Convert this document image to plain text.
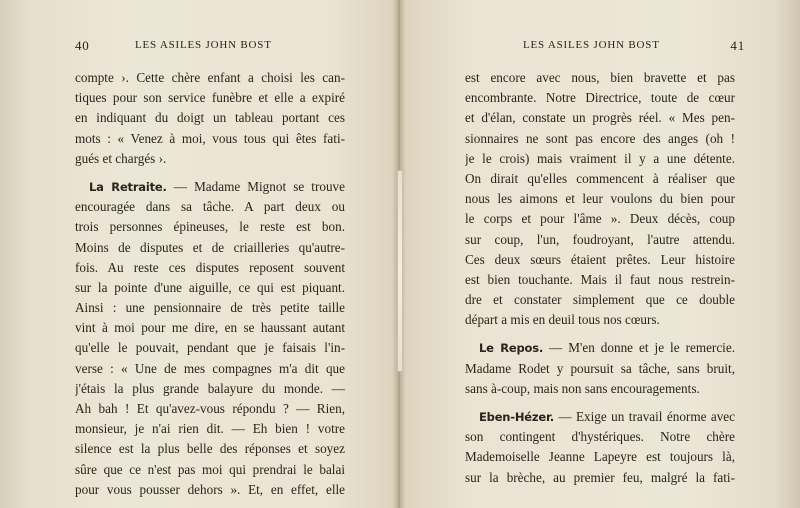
40	LES ASILES JOHN BOST
compte ›. Cette chère enfant a choisi les can-
tiques pour son service funèbre et elle a expiré
en indiquant du doigt un tableau portant ces
mots : « Venez à moi, vous tous qui êtes fati-
gués et chargés ›.
La Retraite. — Madame Mignot se trouve
encouragée dans sa tâche. A part deux ou
trois personnes épineuses, le reste est bon.
Moins de disputes et de criailleries qu'autre-
fois. Au reste ces disputes reposent souvent
sur la pointe d'une aiguille, ce qui est piquant.
Ainsi : une pensionnaire de très petite taille
vint à moi pour me dire, en se haussant autant
qu'elle le pouvait, pendant que je faisais l'in-
verse : « Une de mes compagnes m'a dit que
j'étais la plus grande balayure du monde. —
Ah bah ! Et qu'avez-vous répondu ? — Rien,
monsieur, je n'ai rien dit. — Eh bien ! votre
silence est la plus belle des réponses et soyez
sûre que ce n'est pas moi qui prendrai le balai
pour vous pousser dehors ». Et, en effet, elle
LES ASILES JOHN BOST	41
est encore avec nous, bien bravette et pas
encombrante. Notre Directrice, toute de cœur
et d'élan, constate un progrès réel. « Mes pen-
sionnaires ne sont pas encore des anges (oh !
je le crois) mais vraiment il y a une détente.
On dirait qu'elles commencent à réaliser que
nous les aimons et leur voulons du bien pour
le corps et pour l'âme ». Deux décès, coup
sur coup, l'un, foudroyant, l'autre attendu.
Ces deux sœurs étaient prêtes. Leur histoire
est bien touchante. Mais il faut nous restrein-
dre et constater simplement que ce double
départ a mis en deuil tous nos cœurs.
Le Repos. — M'en donne et je le remercie.
Madame Rodet y poursuit sa tâche, sans bruit,
sans à-coup, mais non sans encouragements.
Eben-Hézer. — Exige un travail énorme avec
son contingent d'hystériques. Notre chère
Mademoiselle Jeanne Lapeyre est toujours là,
sur la brèche, au premier feu, malgré la fati-
